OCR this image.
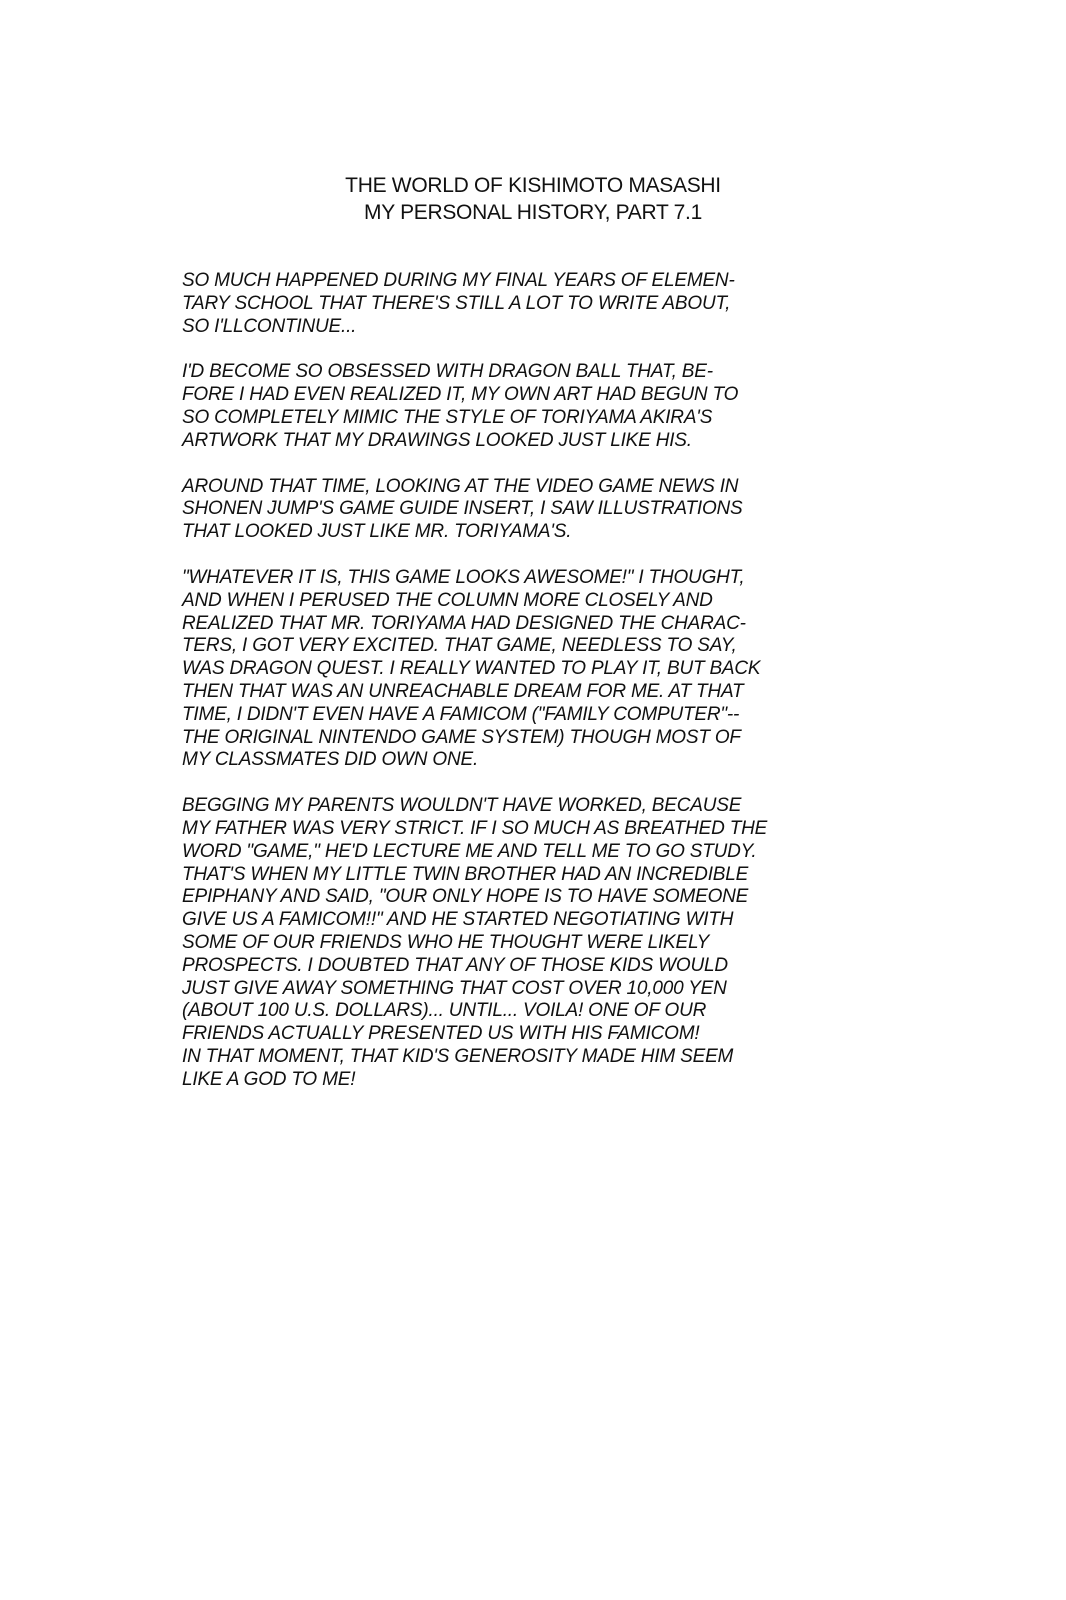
THE WORLD OF KISHIMOTO MASASHI

MY PERSONAL HISTORY, PART 7.1

SO MUCH HAPPENED DURING MY FINAL YEARS OF ELEMEN-
TARY SCHOOL THAT THERE'S STILL A LOT TO WRITE ABOUT,
SO I'LLCONTINUE...
I'D BECOME SO OBSESSED WITH DRAGON BALL THAT, BE-
FORE I HAD EVEN REALIZED IT, MY OWN ART HAD BEGUN TO
SO COMPLETELY MIMIC THE STYLE OF TORIYAMA AKIRA'S
ARTWORK THAT MY DRAWINGS LOOKED JUST LIKE HIS.
AROUND THAT TIME, LOOKING AT THE VIDEO GAME NEWS IN
SHONEN JUMP'S GAME GUIDE INSERT, I SAW ILLUSTRATIONS
THAT LOOKED JUST LIKE MR. TORIYAMA'S.
"WHATEVER IT IS, THIS GAME LOOKS AWESOME!" I THOUGHT,
AND WHEN I PERUSED THE COLUMN MORE CLOSELY AND
REALIZED THAT MR. TORIYAMA HAD DESIGNED THE CHARAC-
TERS, I GOT VERY EXCITED. THAT GAME, NEEDLESS TO SAY,
WAS DRAGON QUEST. I REALLY WANTED TO PLAY IT, BUT BACK
THEN THAT WAS AN UNREACHABLE DREAM FOR ME. AT THAT
TIME, I DIDN'T EVEN HAVE A FAMICOM ("FAMILY COMPUTER"--
THE ORIGINAL NINTENDO GAME SYSTEM) THOUGH MOST OF
MY CLASSMATES DID OWN ONE.
BEGGING MY PARENTS WOULDN'T HAVE WORKED, BECAUSE
MY FATHER WAS VERY STRICT. IF I SO MUCH AS BREATHED THE
WORD "GAME," HE'D LECTURE ME AND TELL ME TO GO STUDY.
THAT'S WHEN MY LITTLE TWIN BROTHER HAD AN INCREDIBLE
EPIPHANY AND SAID, "OUR ONLY HOPE IS TO HAVE SOMEONE
GIVE US A FAMICOM!!" AND HE STARTED NEGOTIATING WITH
SOME OF OUR FRIENDS WHO HE THOUGHT WERE LIKELY
PROSPECTS. I DOUBTED THAT ANY OF THOSE KIDS WOULD
JUST GIVE AWAY SOMETHING THAT COST OVER 10,000 YEN
(ABOUT 100 U.S. DOLLARS)... UNTIL... VOILA! ONE OF OUR
FRIENDS ACTUALLY PRESENTED US WITH HIS FAMICOM!
IN THAT MOMENT, THAT KID'S GENEROSITY MADE HIM SEEM
LIKE A GOD TO ME!
